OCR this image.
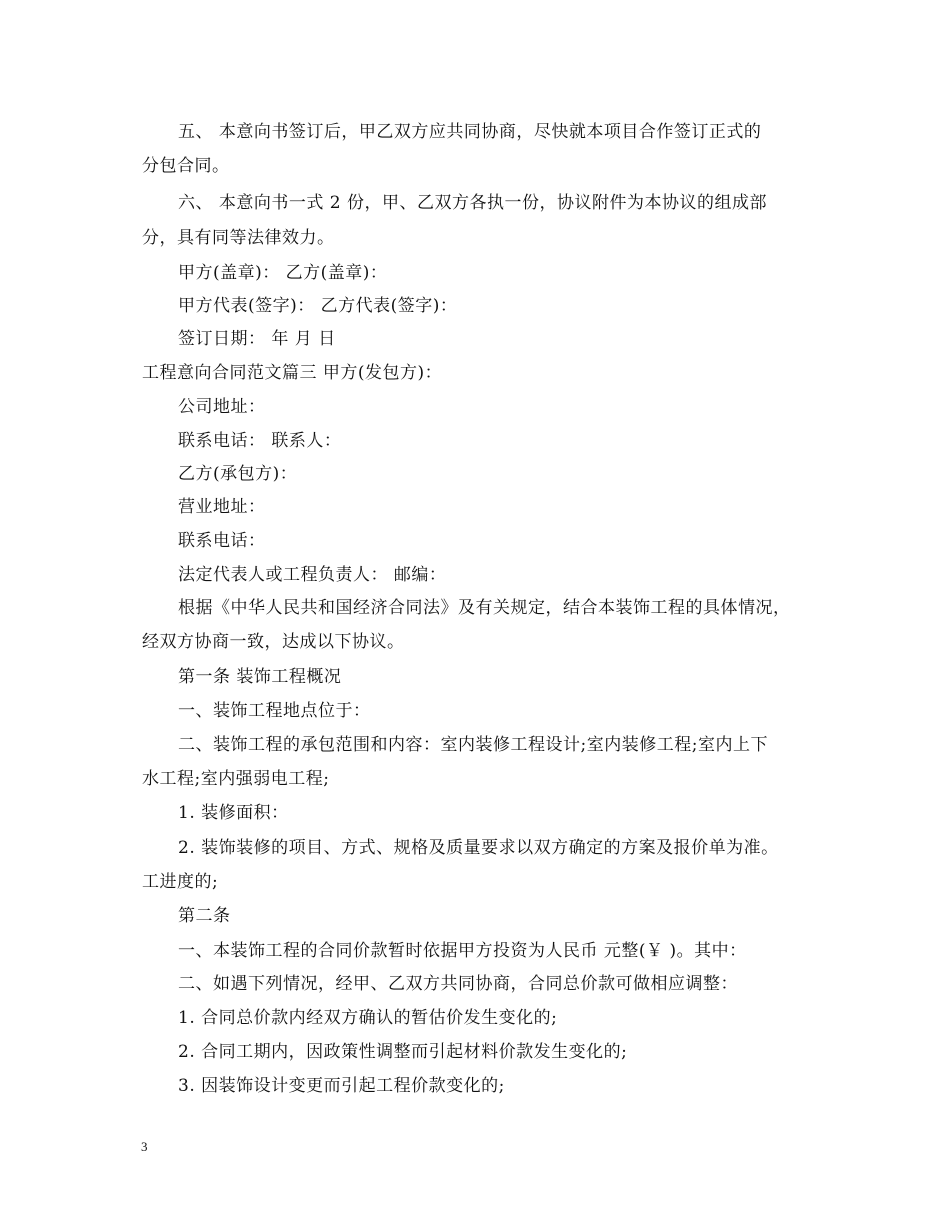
五、 本意向书签订后，甲乙双方应共同协商，尽快就本项目合作签订正式的
分包合同。
六、 本意向书一式 2 份，甲、乙双方各执一份，协议附件为本协议的组成部
分，具有同等法律效力。
甲方(盖章)： 乙方(盖章)：
甲方代表(签字)： 乙方代表(签字)：
签订日期： 年 月 日
工程意向合同范文篇三 甲方(发包方)：
公司地址：
联系电话： 联系人：
乙方(承包方)：
营业地址：
联系电话：
法定代表人或工程负责人： 邮编：
根据《中华人民共和国经济合同法》及有关规定，结合本装饰工程的具体情况，
经双方协商一致，达成以下协议。
第一条 装饰工程概况
一、装饰工程地点位于：
二、装饰工程的承包范围和内容：室内装修工程设计;室内装修工程;室内上下
水工程;室内强弱电工程;
1. 装修面积：
2. 装饰装修的项目、方式、规格及质量要求以双方确定的方案及报价单为准。
工进度的;
第二条
一、本装饰工程的合同价款暂时依据甲方投资为人民币 元整(￥ )。其中：
二、如遇下列情况，经甲、乙双方共同协商，合同总价款可做相应调整：
1. 合同总价款内经双方确认的暂估价发生变化的;
2. 合同工期内，因政策性调整而引起材料价款发生变化的;
3. 因装饰设计变更而引起工程价款变化的;
3
